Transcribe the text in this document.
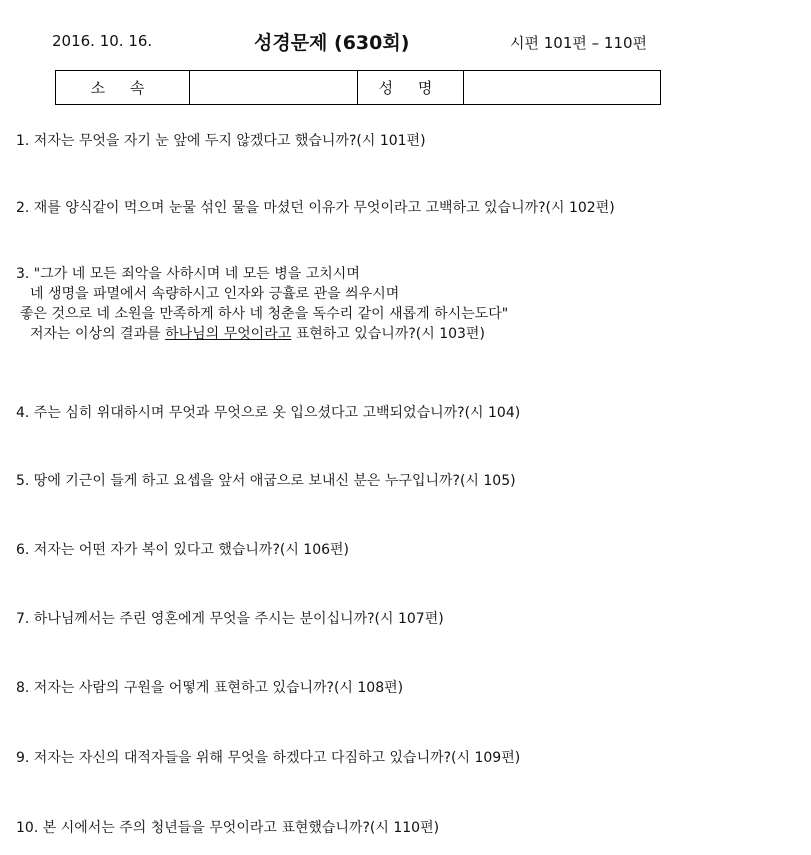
2016. 10. 16.	성경문제 (630회)	시편 101편 – 110편
소 속		성 명	
1. 저자는 무엇을 자기 눈 앞에 두지 않겠다고 했습니까?(시 101편)
2. 재를 양식같이 먹으며 눈물 섞인 물을 마셨던 이유가 무엇이라고 고백하고 있습니까?(시 102편)
3. "그가 네 모든 죄악을 사하시며 네 모든 병을 고치시며
네 생명을 파멸에서 속량하시고 인자와 긍휼로 관을 씌우시며
좋은 것으로 네 소원을 만족하게 하사 네 청춘을 독수리 같이 새롭게 하시는도다"
저자는 이상의 결과를 하나님의 무엇이라고 표현하고 있습니까?(시 103편)
4. 주는 심히 위대하시며 무엇과 무엇으로 옷 입으셨다고 고백되었습니까?(시 104)
5. 땅에 기근이 들게 하고 요셉을 앞서 애굽으로 보내신 분은 누구입니까?(시 105)
6. 저자는 어떤 자가 복이 있다고 했습니까?(시 106편)
7. 하나님께서는 주린 영혼에게 무엇을 주시는 분이십니까?(시 107편)
8. 저자는 사람의 구원을 어떻게 표현하고 있습니까?(시 108편)
9. 저자는 자신의 대적자들을 위해 무엇을 하겠다고 다짐하고 있습니까?(시 109편)
10. 본 시에서는 주의 청년들을 무엇이라고 표현했습니까?(시 110편)
